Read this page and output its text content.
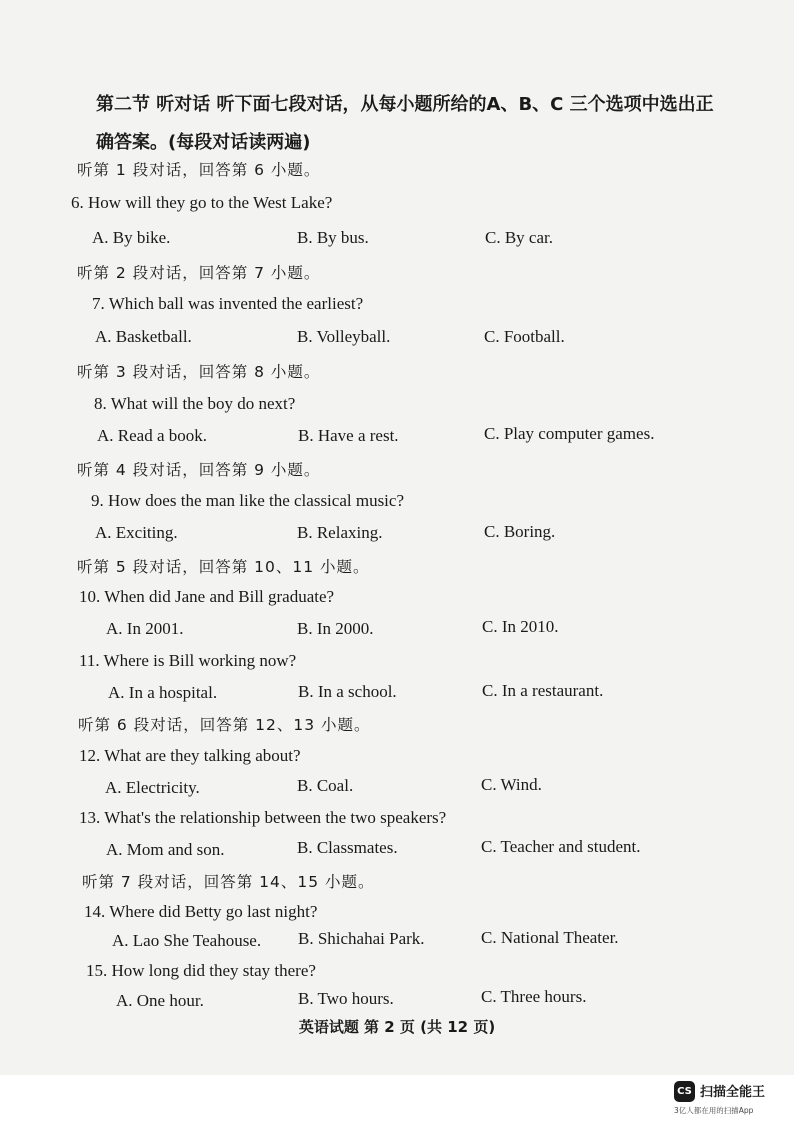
第二节 听对话 听下面七段对话，从每小题所给的A、B、C 三个选项中选出正
确答案。(每段对话读两遍)
听第 1 段对话，回答第 6 小题。
6. How will they go to the West Lake?
A. By bike.	B. By bus.	C. By car.
听第 2 段对话，回答第 7 小题。
7. Which ball was invented the earliest?
A. Basketball.	B. Volleyball.	C. Football.
听第 3 段对话，回答第 8 小题。
8. What will the boy do next?
A. Read a book.	B. Have a rest.	C. Play computer games.
听第 4 段对话，回答第 9 小题。
9. How does the man like the classical music?
A. Exciting.	B. Relaxing.	C. Boring.
听第 5 段对话，回答第 10、11 小题。
10. When did Jane and Bill graduate?
A. In 2001.	B. In 2000.	C. In 2010.
11. Where is Bill working now?
A. In a hospital.	B. In a school.	C. In a restaurant.
听第 6 段对话，回答第 12、13 小题。
12. What are they talking about?
A. Electricity.	B. Coal.	C. Wind.
13. What's the relationship between the two speakers?
A. Mom and son.	B. Classmates.	C. Teacher and student.
听第 7 段对话，回答第 14、15 小题。
14. Where did Betty go last night?
A. Lao She Teahouse. B. Shichahai Park.	C. National Theater.
15. How long did they stay there?
A. One hour.	B. Two hours.	C. Three hours.
英语试题 第 2 页 (共 12 页)
CS 扫描全能王
3亿人都在用的扫描App
